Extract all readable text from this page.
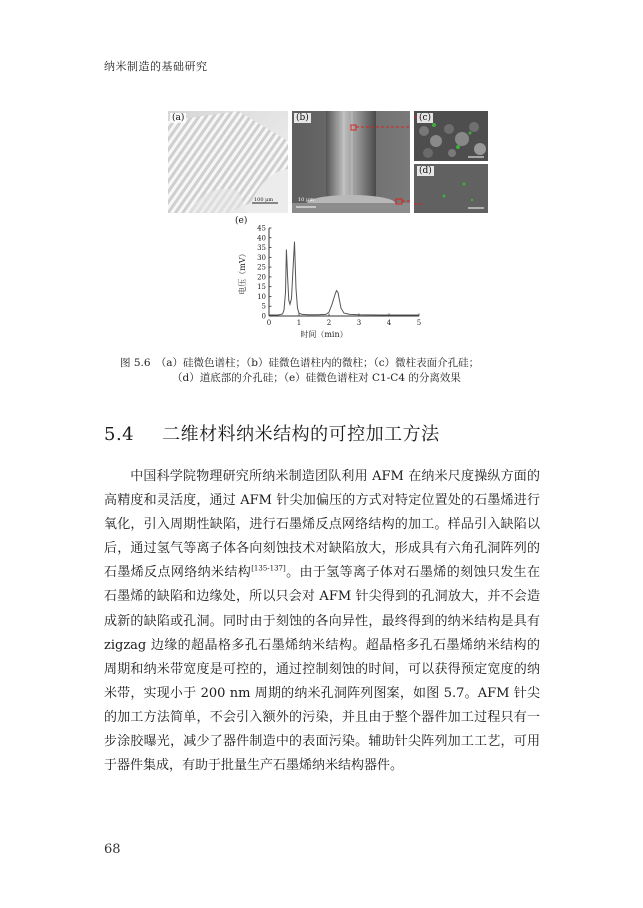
纳米制造的基础研究
(a)
100 μm
(b)
10 μm
(c)
(d)
(e)
0
5
10
15
20
25
30
35
40
45
0	1	2	3	4	5
电压（mV）
时间（min）
图 5.6　（a）硅微色谱柱；（b）硅微色谱柱内的微柱；（c）微柱表面介孔硅；
（d）道底部的介孔硅；（e）硅微色谱柱对 C1-C4 的分离效果
5.4 二维材料纳米结构的可控加工方法
中国科学院物理研究所纳米制造团队利用 AFM 在纳米尺度操纵方面的高精度和灵活度，通过 AFM 针尖加偏压的方式对特定位置处的石墨烯进行氧化，引入周期性缺陷，进行石墨烯反点网络结构的加工。样品引入缺陷以后，通过氢气等离子体各向刻蚀技术对缺陷放大，形成具有六角孔洞阵列的石墨烯反点网络纳米结构[135-137]。由于氢等离子体对石墨烯的刻蚀只发生在石墨烯的缺陷和边缘处，所以只会对 AFM 针尖得到的孔洞放大，并不会造成新的缺陷或孔洞。同时由于刻蚀的各向异性，最终得到的纳米结构是具有 zigzag 边缘的超晶格多孔石墨烯纳米结构。超晶格多孔石墨烯纳米结构的周期和纳米带宽度是可控的，通过控制刻蚀的时间，可以获得预定宽度的纳米带，实现小于 200 nm 周期的纳米孔洞阵列图案，如图 5.7。AFM 针尖的加工方法简单，不会引入额外的污染，并且由于整个器件加工过程只有一步涂胶曝光，减少了器件制造中的表面污染。辅助针尖阵列加工工艺，可用于器件集成，有助于批量生产石墨烯纳米结构器件。
68
